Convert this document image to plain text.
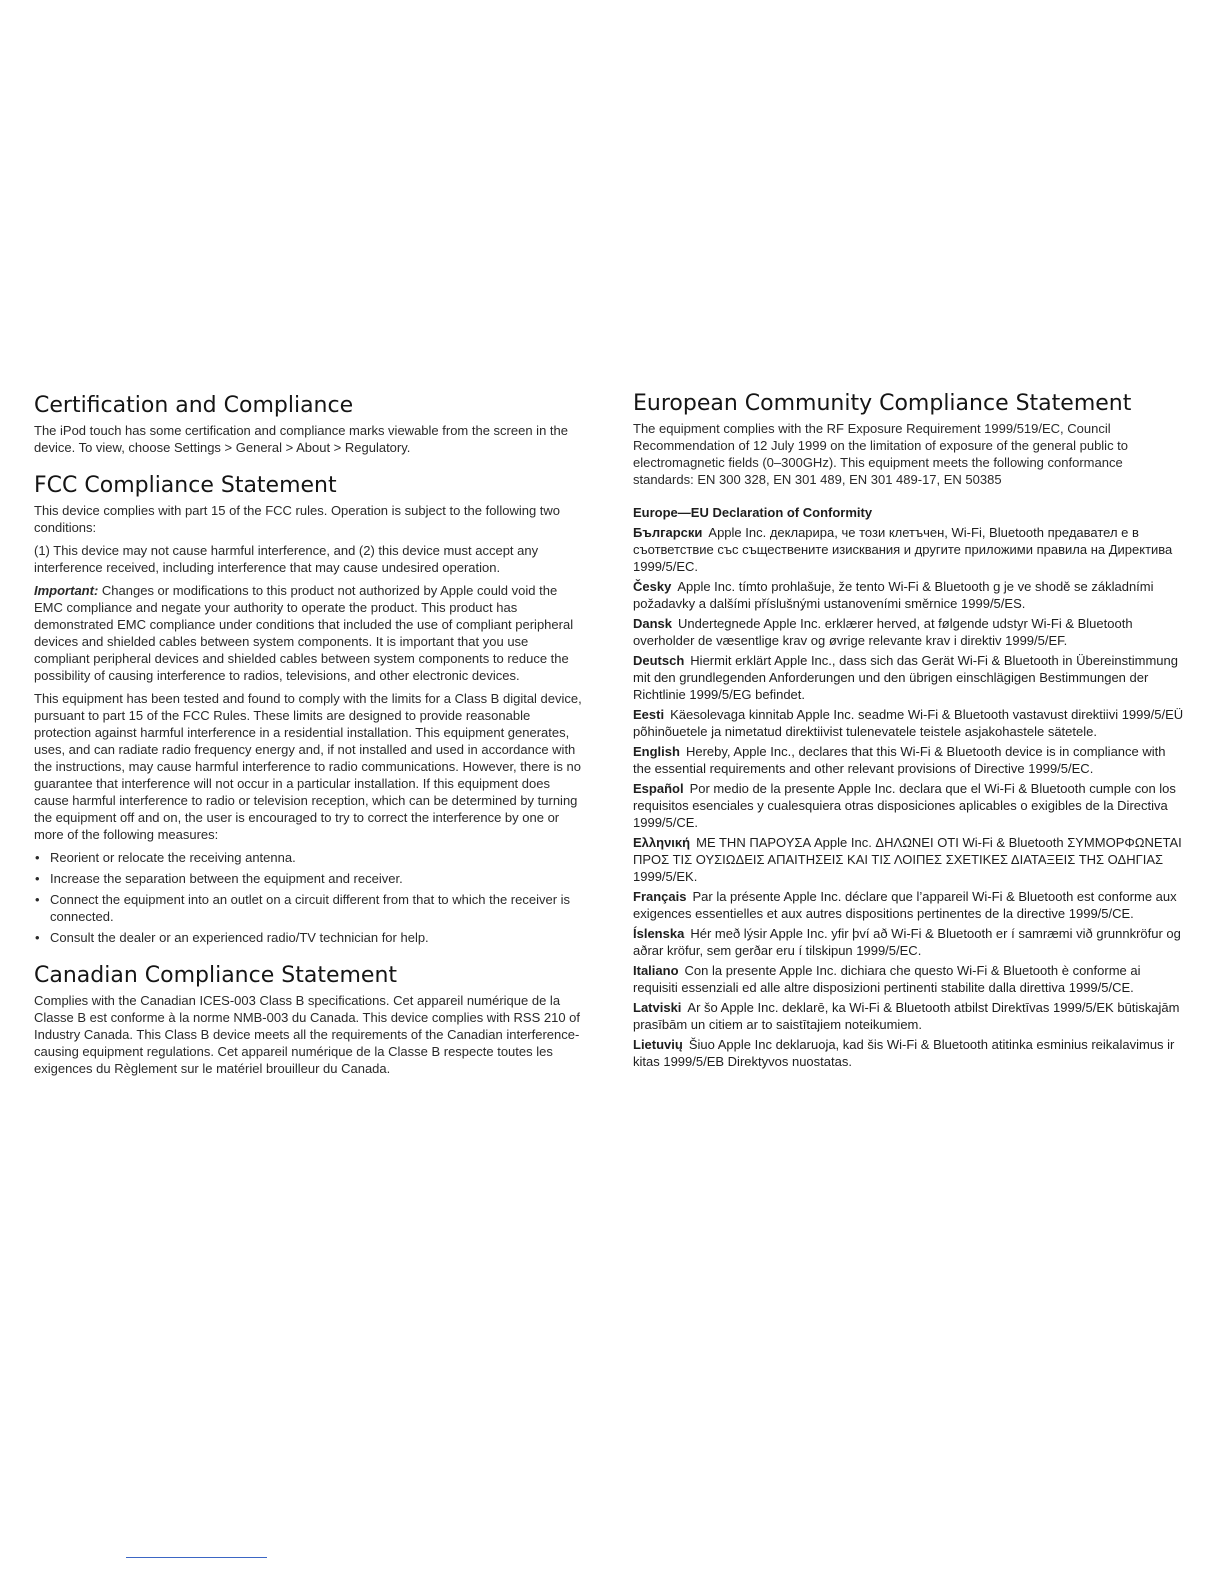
Certification and Compliance

The iPod touch has some certification and compliance marks viewable from the screen in the device. To view, choose Settings > General > About > Regulatory.

FCC Compliance Statement

This device complies with part 15 of the FCC rules. Operation is subject to the following two conditions:

(1) This device may not cause harmful interference, and (2) this device must accept any interference received, including interference that may cause undesired operation.

Important: Changes or modifications to this product not authorized by Apple could void the EMC compliance and negate your authority to operate the product. This product has demonstrated EMC compliance under conditions that included the use of compliant peripheral devices and shielded cables between system components. It is important that you use compliant peripheral devices and shielded cables between system components to reduce the possibility of causing interference to radios, televisions, and other electronic devices.

This equipment has been tested and found to comply with the limits for a Class B digital device, pursuant to part 15 of the FCC Rules. These limits are designed to provide reasonable protection against harmful interference in a residential installation. This equipment generates, uses, and can radiate radio frequency energy and, if not installed and used in accordance with the instructions, may cause harmful interference to radio communications. However, there is no guarantee that interference will not occur in a particular installation. If this equipment does cause harmful interference to radio or television reception, which can be determined by turning the equipment off and on, the user is encouraged to try to correct the interference by one or more of the following measures:

• Reorient or relocate the receiving antenna.
• Increase the separation between the equipment and receiver.
• Connect the equipment into an outlet on a circuit different from that to which the receiver is connected.
• Consult the dealer or an experienced radio/TV technician for help.
Canadian Compliance Statement

Complies with the Canadian ICES-003 Class B specifications. Cet appareil numérique de la Classe B est conforme à la norme NMB-003 du Canada. This device complies with RSS 210 of Industry Canada. This Class B device meets all the requirements of the Canadian interference-causing equipment regulations. Cet appareil numérique de la Classe B respecte toutes les exigences du Règlement sur le matériel brouilleur du Canada.

European Community Compliance Statement

The equipment complies with the RF Exposure Requirement 1999/519/EC, Council Recommendation of 12 July 1999 on the limitation of exposure of the general public to electromagnetic fields (0–300GHz). This equipment meets the following conformance standards: EN 300 328, EN 301 489, EN 301 489-17, EN 50385

Europe—EU Declaration of Conformity

Български Apple Inc. декларира, че този клетъчен, Wi-Fi, Bluetooth предавател е в съответствие със съществените изисквания и другите приложими правила на Директива 1999/5/EC.

Česky Apple Inc. tímto prohlašuje, že tento Wi-Fi & Bluetooth g je ve shodě se základními požadavky a dalšími příslušnými ustanoveními směrnice 1999/5/ES.

Dansk Undertegnede Apple Inc. erklærer herved, at følgende udstyr Wi-Fi & Bluetooth overholder de væsentlige krav og øvrige relevante krav i direktiv 1999/5/EF.

Deutsch Hiermit erklärt Apple Inc., dass sich das Gerät Wi-Fi & Bluetooth in Übereinstimmung mit den grundlegenden Anforderungen und den übrigen einschlägigen Bestimmungen der Richtlinie 1999/5/EG befindet.

Eesti Käesolevaga kinnitab Apple Inc. seadme Wi-Fi & Bluetooth vastavust direktiivi 1999/5/EÜ põhinõuetele ja nimetatud direktiivist tulenevatele teistele asjakohastele sätetele.

English Hereby, Apple Inc., declares that this Wi-Fi & Bluetooth device is in compliance with the essential requirements and other relevant provisions of Directive 1999/5/EC.

Español Por medio de la presente Apple Inc. declara que el Wi-Fi & Bluetooth cumple con los requisitos esenciales y cualesquiera otras disposiciones aplicables o exigibles de la Directiva 1999/5/CE.

Ελληνική ΜΕ ΤΗΝ ΠΑΡΟΥΣΑ Apple Inc. ΔΗΛΩΝΕΙ ΟΤΙ Wi-Fi & Bluetooth ΣΥΜΜΟΡΦΩΝΕΤΑΙ ΠΡΟΣ ΤΙΣ ΟΥΣΙΩΔΕΙΣ ΑΠΑΙΤΗΣΕΙΣ ΚΑΙ ΤΙΣ ΛΟΙΠΕΣ ΣΧΕΤΙΚΕΣ ΔΙΑΤΑΞΕΙΣ ΤΗΣ ΟΔΗΓΙΑΣ 1999/5/ΕΚ.

Français Par la présente Apple Inc. déclare que l’appareil Wi-Fi & Bluetooth est conforme aux exigences essentielles et aux autres dispositions pertinentes de la directive 1999/5/CE.

Íslenska Hér með lýsir Apple Inc. yfir því að Wi-Fi & Bluetooth er í samræmi við grunnkröfur og aðrar kröfur, sem gerðar eru í tilskipun 1999/5/EC.

Italiano Con la presente Apple Inc. dichiara che questo Wi-Fi & Bluetooth è conforme ai requisiti essenziali ed alle altre disposizioni pertinenti stabilite dalla direttiva 1999/5/CE.

Latviski Ar šo Apple Inc. deklarē, ka Wi-Fi & Bluetooth atbilst Direktīvas 1999/5/EK būtiskajām prasībām un citiem ar to saistītajiem noteikumiem.

Lietuvių Šiuo Apple Inc deklaruoja, kad šis Wi-Fi & Bluetooth atitinka esminius reikalavimus ir kitas 1999/5/EB Direktyvos nuostatas.
